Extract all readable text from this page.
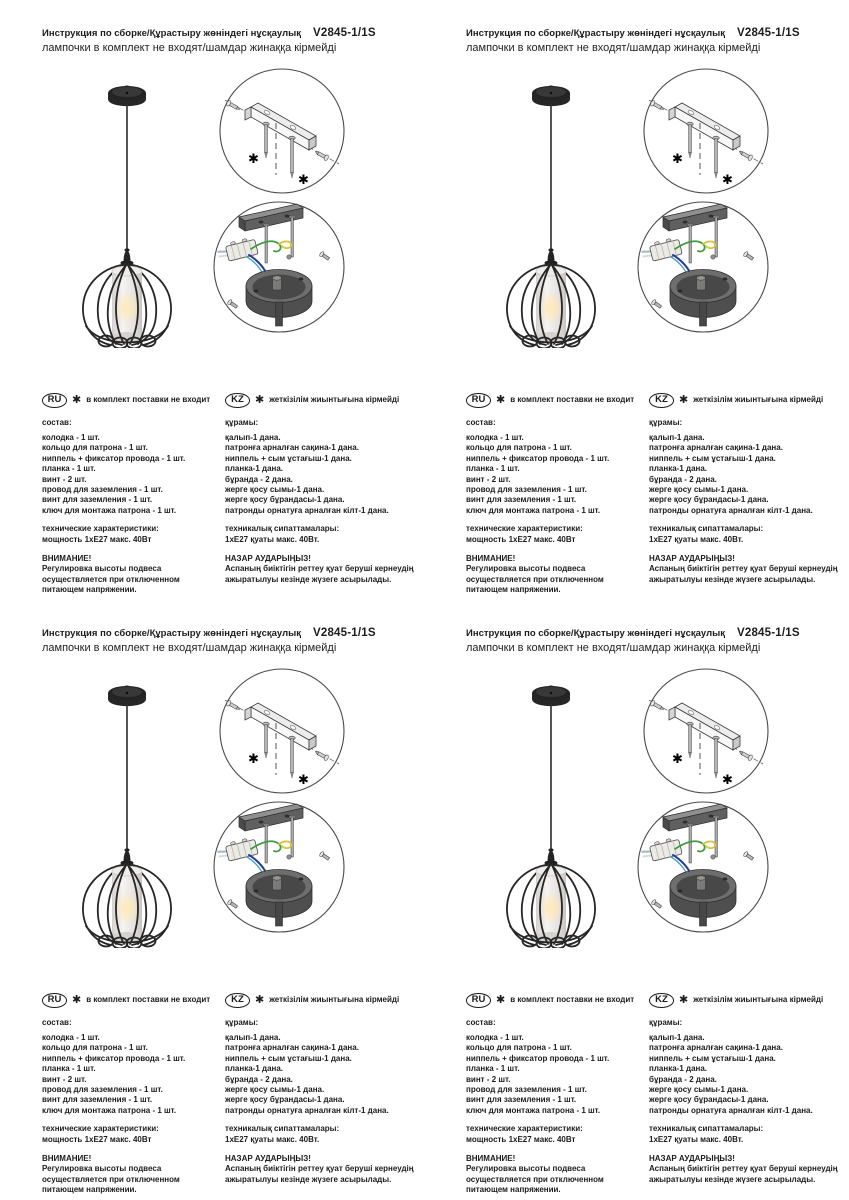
Инструкция по сборке/Құрастыру жөніндегі нұсқаулық V2845-1/1S
лампочки в комплект не входят/шамдар жинаққа кірмейді
✱
✱
RU ✱ в комплект поставки не входит
состав:
колодка - 1 шт.
кольцо для патрона - 1 шт.
ниппель + фиксатор провода - 1 шт.
планка - 1 шт.
винт - 2 шт.
провод для заземления - 1 шт.
винт для заземления - 1 шт.
ключ для монтажа патрона - 1 шт.
технические характеристики:
мощность 1хЕ27 макс. 40Вт
ВНИМАНИЕ!
Регулировка высоты подвеса осуществляется при отключенном питающем напряжении.
KZ	✱ жеткізілім жиынтығына кірмейді
құрамы:
қалып-1 дана.
патронға арналған сақина-1 дана.
ниппель + сым ұстағыш-1 дана.
планка-1 дана.
бұранда - 2 дана.
жерге қосу сымы-1 дана.
жерге қосу бұрандасы-1 дана.
патронды орнатуға арналған кілт-1 дана.
техникалық сипаттамалары:
1хЕ27 қуаты макс. 40Вт.
НАЗАР АУДАРЫҢЫЗ!
Аспаның биіктігін реттеу қуат беруші кернеудің ажыратылуы кезінде жүзеге асырылады.
Инструкция по сборке/Құрастыру жөніндегі нұсқаулық V2845-1/1S
лампочки в комплект не входят/шамдар жинаққа кірмейді
✱
✱
RU ✱ в комплект поставки не входит
состав:
колодка - 1 шт.
кольцо для патрона - 1 шт.
ниппель + фиксатор провода - 1 шт.
планка - 1 шт.
винт - 2 шт.
провод для заземления - 1 шт.
винт для заземления - 1 шт.
ключ для монтажа патрона - 1 шт.
технические характеристики:
мощность 1хЕ27 макс. 40Вт
ВНИМАНИЕ!
Регулировка высоты подвеса осуществляется при отключенном питающем напряжении.
KZ	✱ жеткізілім жиынтығына кірмейді
құрамы:
қалып-1 дана.
патронға арналған сақина-1 дана.
ниппель + сым ұстағыш-1 дана.
планка-1 дана.
бұранда - 2 дана.
жерге қосу сымы-1 дана.
жерге қосу бұрандасы-1 дана.
патронды орнатуға арналған кілт-1 дана.
техникалық сипаттамалары:
1хЕ27 қуаты макс. 40Вт.
НАЗАР АУДАРЫҢЫЗ!
Аспаның биіктігін реттеу қуат беруші кернеудің ажыратылуы кезінде жүзеге асырылады.
Инструкция по сборке/Құрастыру жөніндегі нұсқаулық V2845-1/1S
лампочки в комплект не входят/шамдар жинаққа кірмейді
✱
✱
RU ✱ в комплект поставки не входит
состав:
колодка - 1 шт.
кольцо для патрона - 1 шт.
ниппель + фиксатор провода - 1 шт.
планка - 1 шт.
винт - 2 шт.
провод для заземления - 1 шт.
винт для заземления - 1 шт.
ключ для монтажа патрона - 1 шт.
технические характеристики:
мощность 1хЕ27 макс. 40Вт
ВНИМАНИЕ!
Регулировка высоты подвеса осуществляется при отключенном питающем напряжении.
KZ	✱ жеткізілім жиынтығына кірмейді
құрамы:
қалып-1 дана.
патронға арналған сақина-1 дана.
ниппель + сым ұстағыш-1 дана.
планка-1 дана.
бұранда - 2 дана.
жерге қосу сымы-1 дана.
жерге қосу бұрандасы-1 дана.
патронды орнатуға арналған кілт-1 дана.
техникалық сипаттамалары:
1хЕ27 қуаты макс. 40Вт.
НАЗАР АУДАРЫҢЫЗ!
Аспаның биіктігін реттеу қуат беруші кернеудің ажыратылуы кезінде жүзеге асырылады.
Инструкция по сборке/Құрастыру жөніндегі нұсқаулық V2845-1/1S
лампочки в комплект не входят/шамдар жинаққа кірмейді
✱
✱
RU ✱ в комплект поставки не входит
состав:
колодка - 1 шт.
кольцо для патрона - 1 шт.
ниппель + фиксатор провода - 1 шт.
планка - 1 шт.
винт - 2 шт.
провод для заземления - 1 шт.
винт для заземления - 1 шт.
ключ для монтажа патрона - 1 шт.
технические характеристики:
мощность 1хЕ27 макс. 40Вт
ВНИМАНИЕ!
Регулировка высоты подвеса осуществляется при отключенном питающем напряжении.
KZ	✱ жеткізілім жиынтығына кірмейді
құрамы:
қалып-1 дана.
патронға арналған сақина-1 дана.
ниппель + сым ұстағыш-1 дана.
планка-1 дана.
бұранда - 2 дана.
жерге қосу сымы-1 дана.
жерге қосу бұрандасы-1 дана.
патронды орнатуға арналған кілт-1 дана.
техникалық сипаттамалары:
1хЕ27 қуаты макс. 40Вт.
НАЗАР АУДАРЫҢЫЗ!
Аспаның биіктігін реттеу қуат беруші кернеудің ажыратылуы кезінде жүзеге асырылады.
